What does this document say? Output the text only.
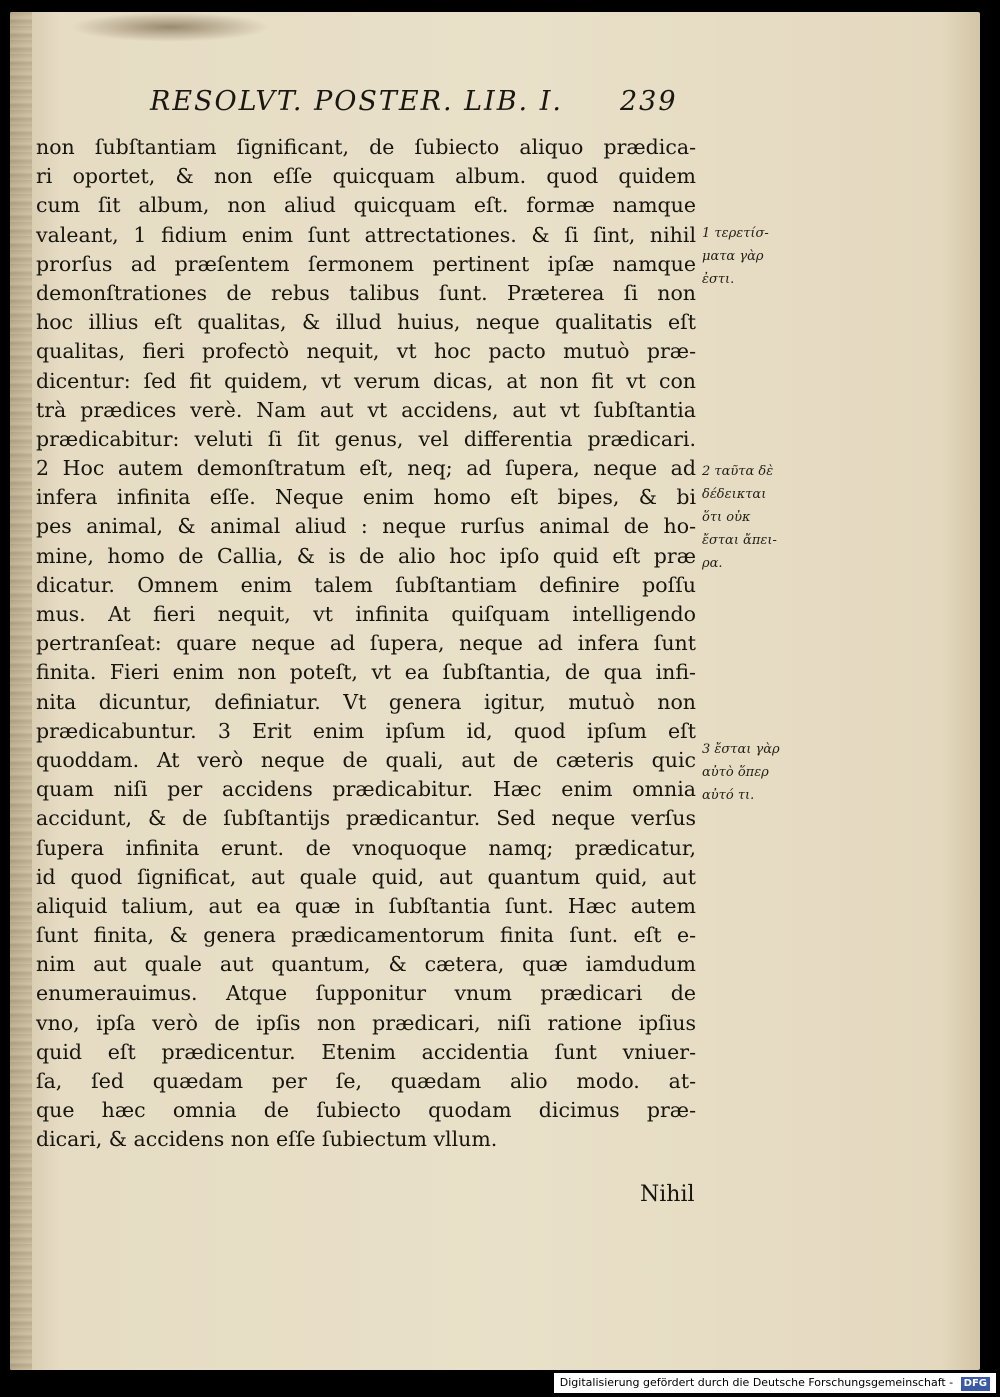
RESOLVT. POSTER. LIB. I. 239
non ſubſtantiam ſignificant, de ſubiecto aliquo prædica-
ri oportet, & non eſſe quicquam album. quod quidem
cum ſit album, non aliud quicquam eſt. formæ namque
valeant, 1 fidium enim ſunt attrectationes. & ſi ſint, nihil
prorſus ad præſentem ſermonem pertinent ipſæ namque
demonſtrationes de rebus talibus ſunt. Præterea ſi non
hoc illius eſt qualitas, & illud huius, neque qualitatis eſt
qualitas, fieri profectò nequit, vt hoc pacto mutuò præ-
dicentur: ſed fit quidem, vt verum dicas, at non fit vt con
trà prædices verè. Nam aut vt accidens, aut vt ſubſtantia
prædicabitur: veluti ſi ſit genus, vel differentia prædicari.
2 Hoc autem demonſtratum eſt, neq; ad ſupera, neque ad
infera infinita eſſe. Neque enim homo eſt bipes, & bi
pes animal, & animal aliud : neque rurſus animal de ho-
mine, homo de Callia, & is de alio hoc ipſo quid eſt præ
dicatur. Omnem enim talem ſubſtantiam definire poſſu
mus. At fieri nequit, vt infinita quiſquam intelligendo
pertranſeat: quare neque ad ſupera, neque ad infera ſunt
finita. Fieri enim non poteſt, vt ea ſubſtantia, de qua infi-
nita dicuntur, definiatur. Vt genera igitur, mutuò non
prædicabuntur. 3 Erit enim ipſum id, quod ipſum eſt
quoddam. At verò neque de quali, aut de cæteris quic
quam niſi per accidens prædicabitur. Hæc enim omnia
accidunt, & de ſubſtantijs prædicantur. Sed neque verſus
ſupera infinita erunt. de vnoquoque namq; prædicatur,
id quod ſignificat, aut quale quid, aut quantum quid, aut
aliquid talium, aut ea quæ in ſubſtantia ſunt. Hæc autem
ſunt finita, & genera prædicamentorum finita ſunt. eſt e-
nim aut quale aut quantum, & cætera, quæ iamdudum
enumerauimus. Atque ſupponitur vnum prædicari de
vno, ipſa verò de ipſis non prædicari, niſi ratione ipſius
quid eſt prædicentur. Etenim accidentia ſunt vniuer-
ſa, ſed quædam per ſe, quædam alio modo. at-
que hæc omnia de ſubiecto quodam dicimus præ-
dicari, & accidens non eſſe ſubiectum vllum.
1 τερετίσ-
ματα γὰρ
ἐστι.
2 ταῦτα δὲ
δέδεικται
ὅτι οὐκ
ἔσται ἄπει-
ρα.
3 ἔσται γὰρ
αὐτὸ ὅπερ
αὐτό τι.
Nihil
Digitalisierung gefördert durch die Deutsche Forschungsgemeinschaft - DFG
